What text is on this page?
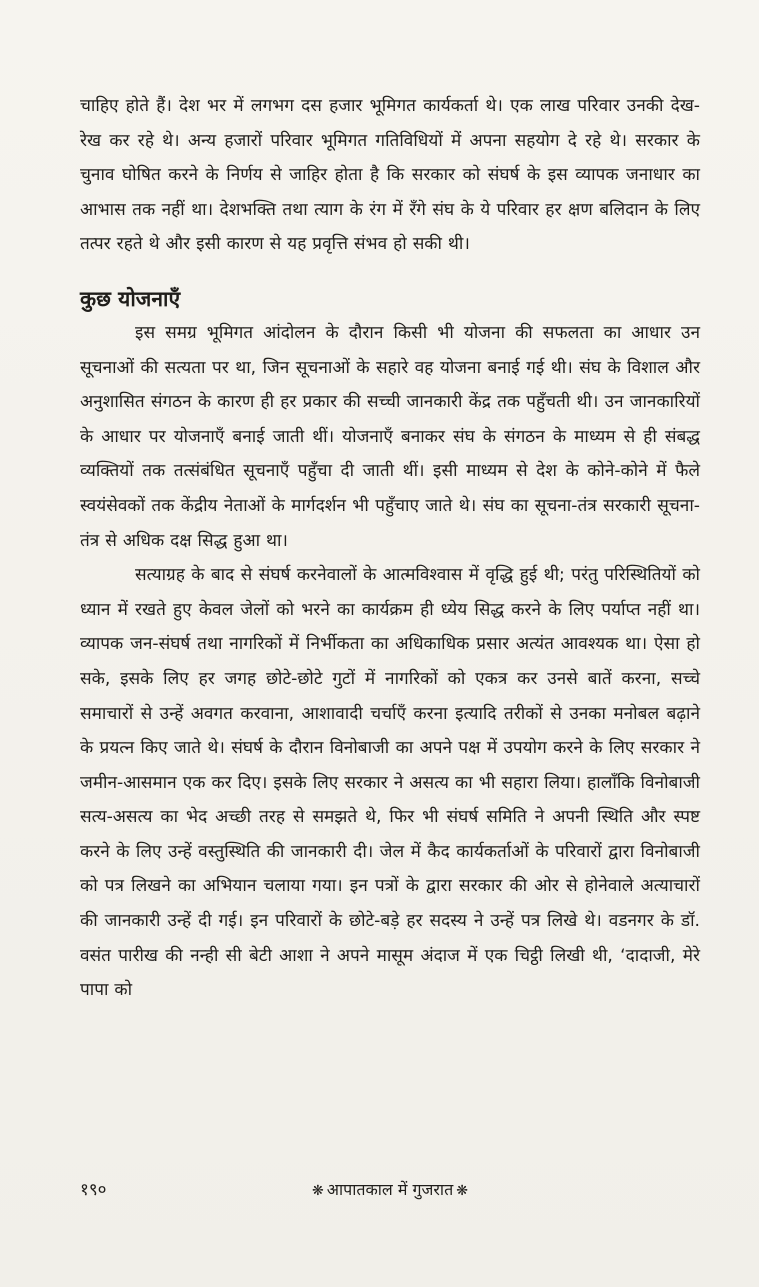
चाहिए होते हैं। देश भर में लगभग दस हजार भूमिगत कार्यकर्ता थे। एक लाख परिवार उनकी देख-रेख कर रहे थे। अन्य हजारों परिवार भूमिगत गतिविधियों में अपना सहयोग दे रहे थे। सरकार के चुनाव घोषित करने के निर्णय से जाहिर होता है कि सरकार को संघर्ष के इस व्यापक जनाधार का आभास तक नहीं था। देशभक्ति तथा त्याग के रंग में रँगे संघ के ये परिवार हर क्षण बलिदान के लिए तत्पर रहते थे और इसी कारण से यह प्रवृत्ति संभव हो सकी थी।

कुछ योजनाएँ

इस समग्र भूमिगत आंदोलन के दौरान किसी भी योजना की सफलता का आधार उन सूचनाओं की सत्यता पर था, जिन सूचनाओं के सहारे वह योजना बनाई गई थी। संघ के विशाल और अनुशासित संगठन के कारण ही हर प्रकार की सच्ची जानकारी केंद्र तक पहुँचती थी। उन जानकारियों के आधार पर योजनाएँ बनाई जाती थीं। योजनाएँ बनाकर संघ के संगठन के माध्यम से ही संबद्ध व्यक्तियों तक तत्संबंधित सूचनाएँ पहुँचा दी जाती थीं। इसी माध्यम से देश के कोने-कोने में फैले स्वयंसेवकों तक केंद्रीय नेताओं के मार्गदर्शन भी पहुँचाए जाते थे। संघ का सूचना-तंत्र सरकारी सूचना-तंत्र से अधिक दक्ष सिद्ध हुआ था।

सत्याग्रह के बाद से संघर्ष करनेवालों के आत्मविश्वास में वृद्धि हुई थी; परंतु परिस्थितियों को ध्यान में रखते हुए केवल जेलों को भरने का कार्यक्रम ही ध्येय सिद्ध करने के लिए पर्याप्त नहीं था। व्यापक जन-संघर्ष तथा नागरिकों में निर्भीकता का अधिकाधिक प्रसार अत्यंत आवश्यक था। ऐसा हो सके, इसके लिए हर जगह छोटे-छोटे गुटों में नागरिकों को एकत्र कर उनसे बातें करना, सच्चे समाचारों से उन्हें अवगत करवाना, आशावादी चर्चाएँ करना इत्यादि तरीकों से उनका मनोबल बढ़ाने के प्रयत्न किए जाते थे। संघर्ष के दौरान विनोबाजी का अपने पक्ष में उपयोग करने के लिए सरकार ने जमीन-आसमान एक कर दिए। इसके लिए सरकार ने असत्य का भी सहारा लिया। हालाँकि विनोबाजी सत्य-असत्य का भेद अच्छी तरह से समझते थे, फिर भी संघर्ष समिति ने अपनी स्थिति और स्पष्ट करने के लिए उन्हें वस्तुस्थिति की जानकारी दी। जेल में कैद कार्यकर्ताओं के परिवारों द्वारा विनोबाजी को पत्र लिखने का अभियान चलाया गया। इन पत्रों के द्वारा सरकार की ओर से होनेवाले अत्याचारों की जानकारी उन्हें दी गई। इन परिवारों के छोटे-बड़े हर सदस्य ने उन्हें पत्र लिखे थे। वडनगर के डॉ. वसंत पारीख की नन्ही सी बेटी आशा ने अपने मासूम अंदाज में एक चिट्ठी लिखी थी, ‘दादाजी, मेरे पापा को

१९०	❋ आपातकाल में गुजरात ❋
